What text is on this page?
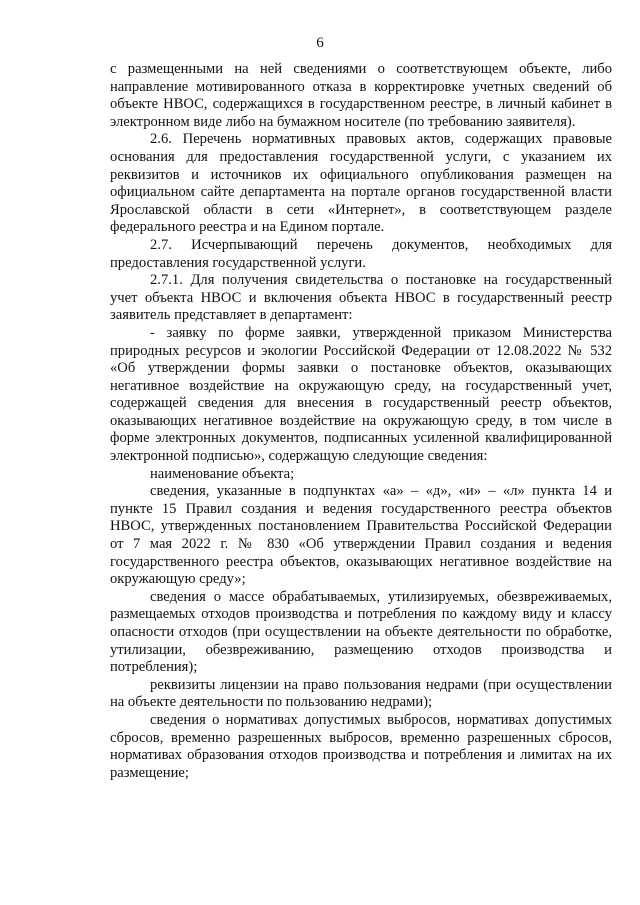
6

с размещенными на ней сведениями о соответствующем объекте, либо направление мотивированного отказа в корректировке учетных сведений об объекте НВОС, содержащихся в государственном реестре, в личный кабинет в электронном виде либо на бумажном носителе (по требованию заявителя).

2.6. Перечень нормативных правовых актов, содержащих правовые основания для предоставления государственной услуги, с указанием их реквизитов и источников их официального опубликования размещен на официальном сайте департамента на портале органов государственной власти Ярославской области в сети «Интернет», в соответствующем разделе федерального реестра и на Едином портале.

2.7. Исчерпывающий перечень документов, необходимых для предоставления государственной услуги.

2.7.1. Для получения свидетельства о постановке на государственный учет объекта НВОС и включения объекта НВОС в государственный реестр заявитель представляет в департамент:

- заявку по форме заявки, утвержденной приказом Министерства природных ресурсов и экологии Российской Федерации от 12.08.2022 № 532 «Об утверждении формы заявки о постановке объектов, оказывающих негативное воздействие на окружающую среду, на государственный учет, содержащей сведения для внесения в государственный реестр объектов, оказывающих негативное воздействие на окружающую среду, в том числе в форме электронных документов, подписанных усиленной квалифицированной электронной подписью», содержащую следующие сведения:

наименование объекта;

сведения, указанные в подпунктах «а» – «д», «и» – «л» пункта 14 и пункте 15 Правил создания и ведения государственного реестра объектов НВОС, утвержденных постановлением Правительства Российской Федерации от 7 мая 2022 г. № 830 «Об утверждении Правил создания и ведения государственного реестра объектов, оказывающих негативное воздействие на окружающую среду»;

сведения о массе обрабатываемых, утилизируемых, обезвреживаемых, размещаемых отходов производства и потребления по каждому виду и классу опасности отходов (при осуществлении на объекте деятельности по обработке, утилизации, обезвреживанию, размещению отходов производства и потребления);

реквизиты лицензии на право пользования недрами (при осуществлении на объекте деятельности по пользованию недрами);

сведения о нормативах допустимых выбросов, нормативах допустимых сбросов, временно разрешенных выбросов, временно разрешенных сбросов, нормативах образования отходов производства и потребления и лимитах на их размещение;
